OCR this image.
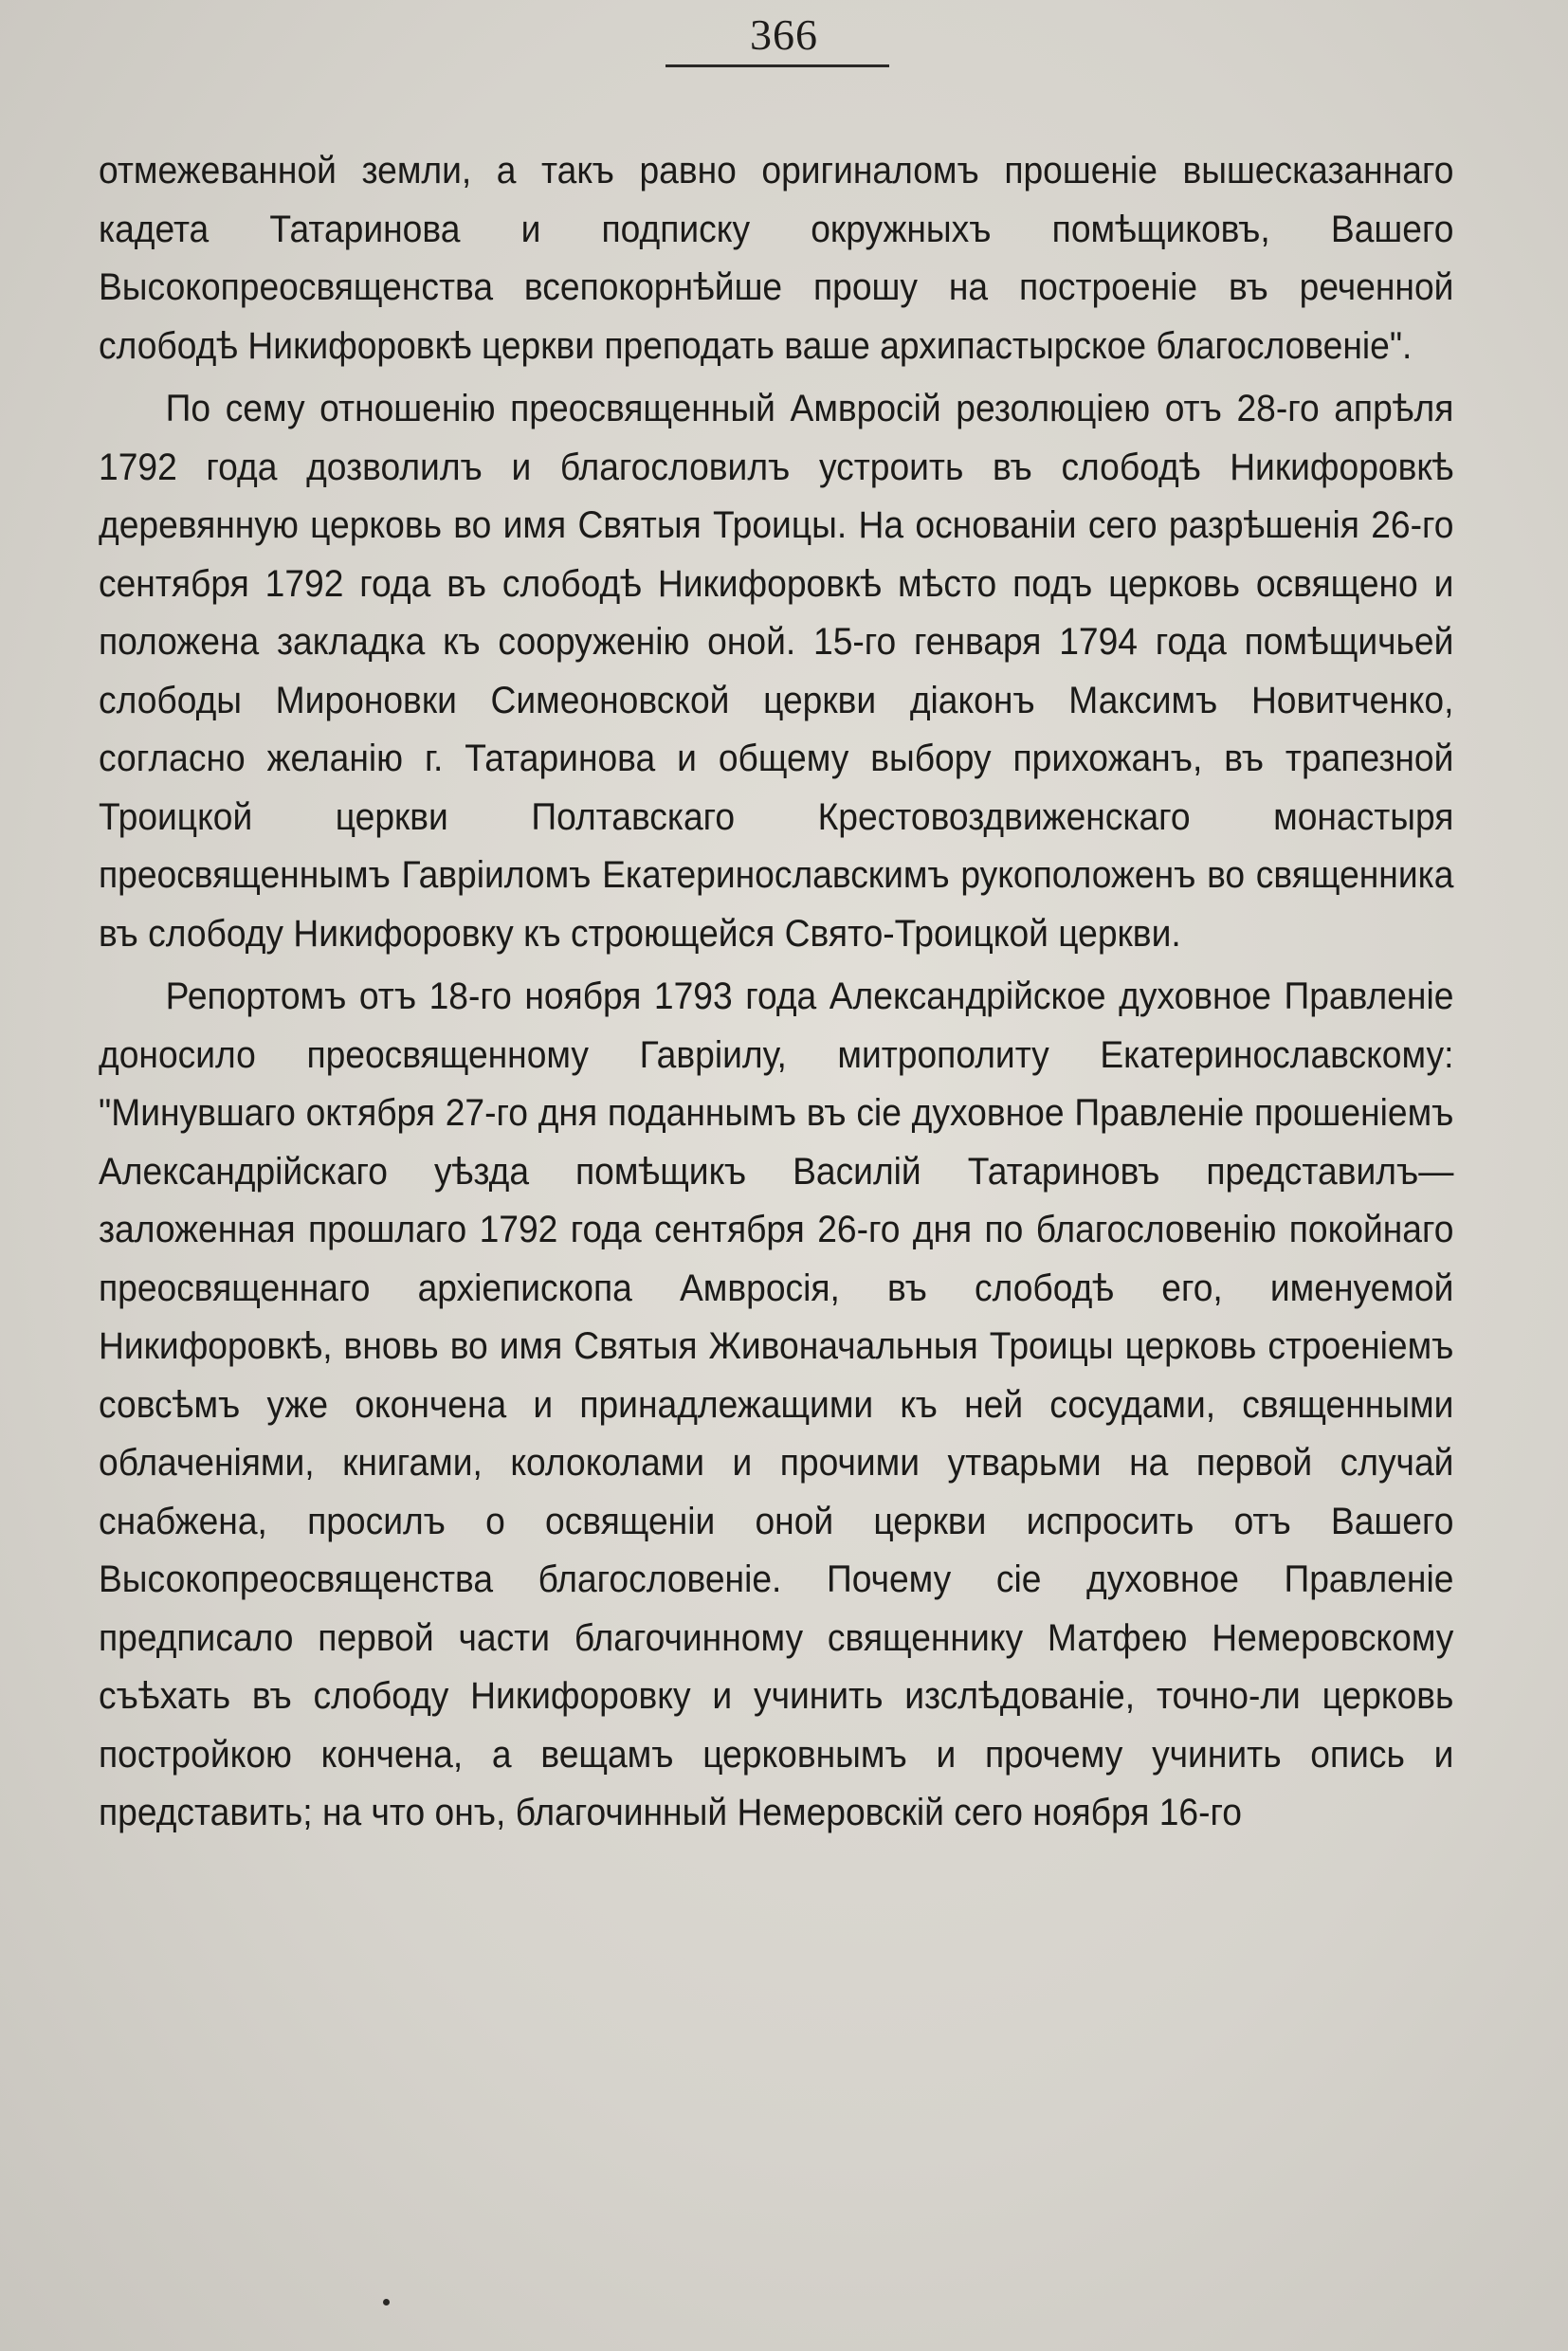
366

отмежеванной земли, а такъ равно оригиналомъ прошеніе вышесказаннаго кадета Татаринова и подписку окружныхъ помѣщиковъ, Вашего Высокопреосвященства всепокорнѣйше прошу на построеніе въ реченной слободѣ Никифоровкѣ церкви преподать ваше архипастырское благословеніе".

По сему отношенію преосвященный Амвросій резолюціею отъ 28-го апрѣля 1792 года дозволилъ и благословилъ устроить въ слободѣ Никифоровкѣ деревянную церковь во имя Святыя Троицы. На основаніи сего разрѣшенія 26-го сентября 1792 года въ слободѣ Никифоровкѣ мѣсто подъ церковь освящено и положена закладка къ сооруженію оной. 15-го генваря 1794 года помѣщичьей слободы Мироновки Симеоновской церкви діаконъ Максимъ Новитченко, согласно желанію г. Татаринова и общему выбору прихожанъ, въ трапезной Троицкой церкви Полтавскаго Крестовоздвиженскаго монастыря преосвященнымъ Гавріиломъ Екатеринославскимъ рукоположенъ во священника въ слободу Никифоровку къ строющейся Свято-Троицкой церкви.

Репортомъ отъ 18-го ноября 1793 года Александрійское духовное Правленіе доносило преосвященному Гавріилу, митрополиту Екатеринославскому: "Минувшаго октября 27-го дня поданнымъ въ сіе духовное Правленіе прошеніемъ Александрійскаго уѣзда помѣщикъ Василій Татариновъ представилъ—заложенная прошлаго 1792 года сентября 26-го дня по благословенію покойнаго преосвященнаго архіепископа Амвросія, въ слободѣ его, именуемой Никифоровкѣ, вновь во имя Святыя Живоначальныя Троицы церковь строеніемъ совсѣмъ уже окончена и принадлежащими къ ней сосудами, священными облаченіями, книгами, колоколами и прочими утварьми на первой случай снабжена, просилъ о освященіи оной церкви испросить отъ Вашего Высокопреосвященства благословеніе. Почему сіе духовное Правленіе предписало первой части благочинному священнику Матфею Немеровскому съѣхать въ слободу Никифоровку и учинить изслѣдованіе, точно-ли церковь постройкою кончена, а вещамъ церковнымъ и прочему учинить опись и представить; на что онъ, благочинный Немеровскій сего ноября 16-го
